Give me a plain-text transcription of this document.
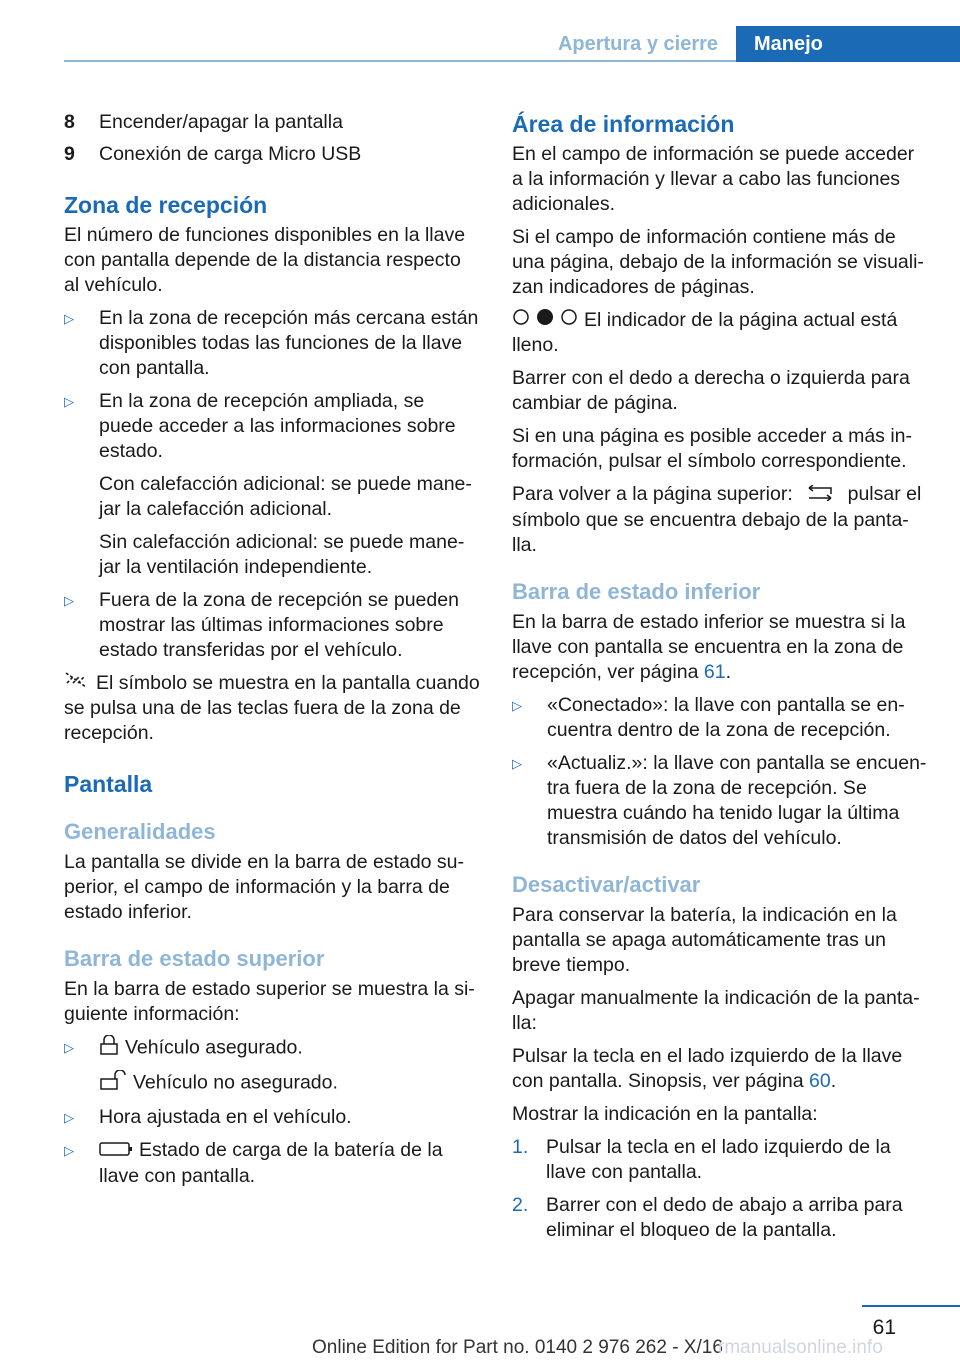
Apertura y cierre	Manejo
8	Encender/apagar la pantalla
9	Conexión de carga Micro USB
Zona de recepción

El número de funciones disponibles en la llave con pantalla depende de la distancia respecto al vehículo.

▷	En la zona de recepción más cercana están disponibles todas las funciones de la llave con pantalla.
▷	En la zona de recepción ampliada, se puede acceder a las informaciones sobre estado.

Con calefacción adicional: se puede mane‐jar la calefacción adicional.

Sin calefacción adicional: se puede mane‐jar la ventilación independiente.

▷	Fuera de la zona de recepción se pueden mostrar las últimas informaciones sobre estado transferidas por el vehículo.

El símbolo se muestra en la pantalla cuando se pulsa una de las teclas fuera de la zona de recepción.

Pantalla
Generalidades

La pantalla se divide en la barra de estado su‐perior, el campo de información y la barra de estado inferior.

Barra de estado superior

En la barra de estado superior se muestra la si‐guiente información:

▷	Vehículo asegurado.

Vehículo no asegurado.

▷	Hora ajustada en el vehículo.
▷	Estado de carga de la batería de la llave con pantalla.
Área de información

En el campo de información se puede acceder a la información y llevar a cabo las funciones adicionales.

Si el campo de información contiene más de una página, debajo de la información se visuali‐zan indicadores de páginas.

El indicador de la página actual está lleno.

Barrer con el dedo a derecha o izquierda para cambiar de página.

Si en una página es posible acceder a más in‐formación, pulsar el símbolo correspondiente.

Para volver a la página superior:	pulsar el símbolo que se encuentra debajo de la panta‐lla.

Barra de estado inferior

En la barra de estado inferior se muestra si la llave con pantalla se encuentra en la zona de recepción, ver página 61.

▷	«Conectado»: la llave con pantalla se en‐cuentra dentro de la zona de recepción.
▷	«Actualiz.»: la llave con pantalla se encuen‐tra fuera de la zona de recepción. Se muestra cuándo ha tenido lugar la última transmisión de datos del vehículo.
Desactivar/activar

Para conservar la batería, la indicación en la pantalla se apaga automáticamente tras un breve tiempo.

Apagar manualmente la indicación de la panta‐lla:

Pulsar la tecla en el lado izquierdo de la llave con pantalla. Sinopsis, ver página 60.

Mostrar la indicación en la pantalla:

1. Pulsar la tecla en el lado izquierdo de la llave con pantalla.
2. Barrer con el dedo de abajo a arriba para eliminar el bloqueo de la pantalla.
61
Online Edition for Part no. 0140 2 976 262 - X/16
rmanualsonline.info
